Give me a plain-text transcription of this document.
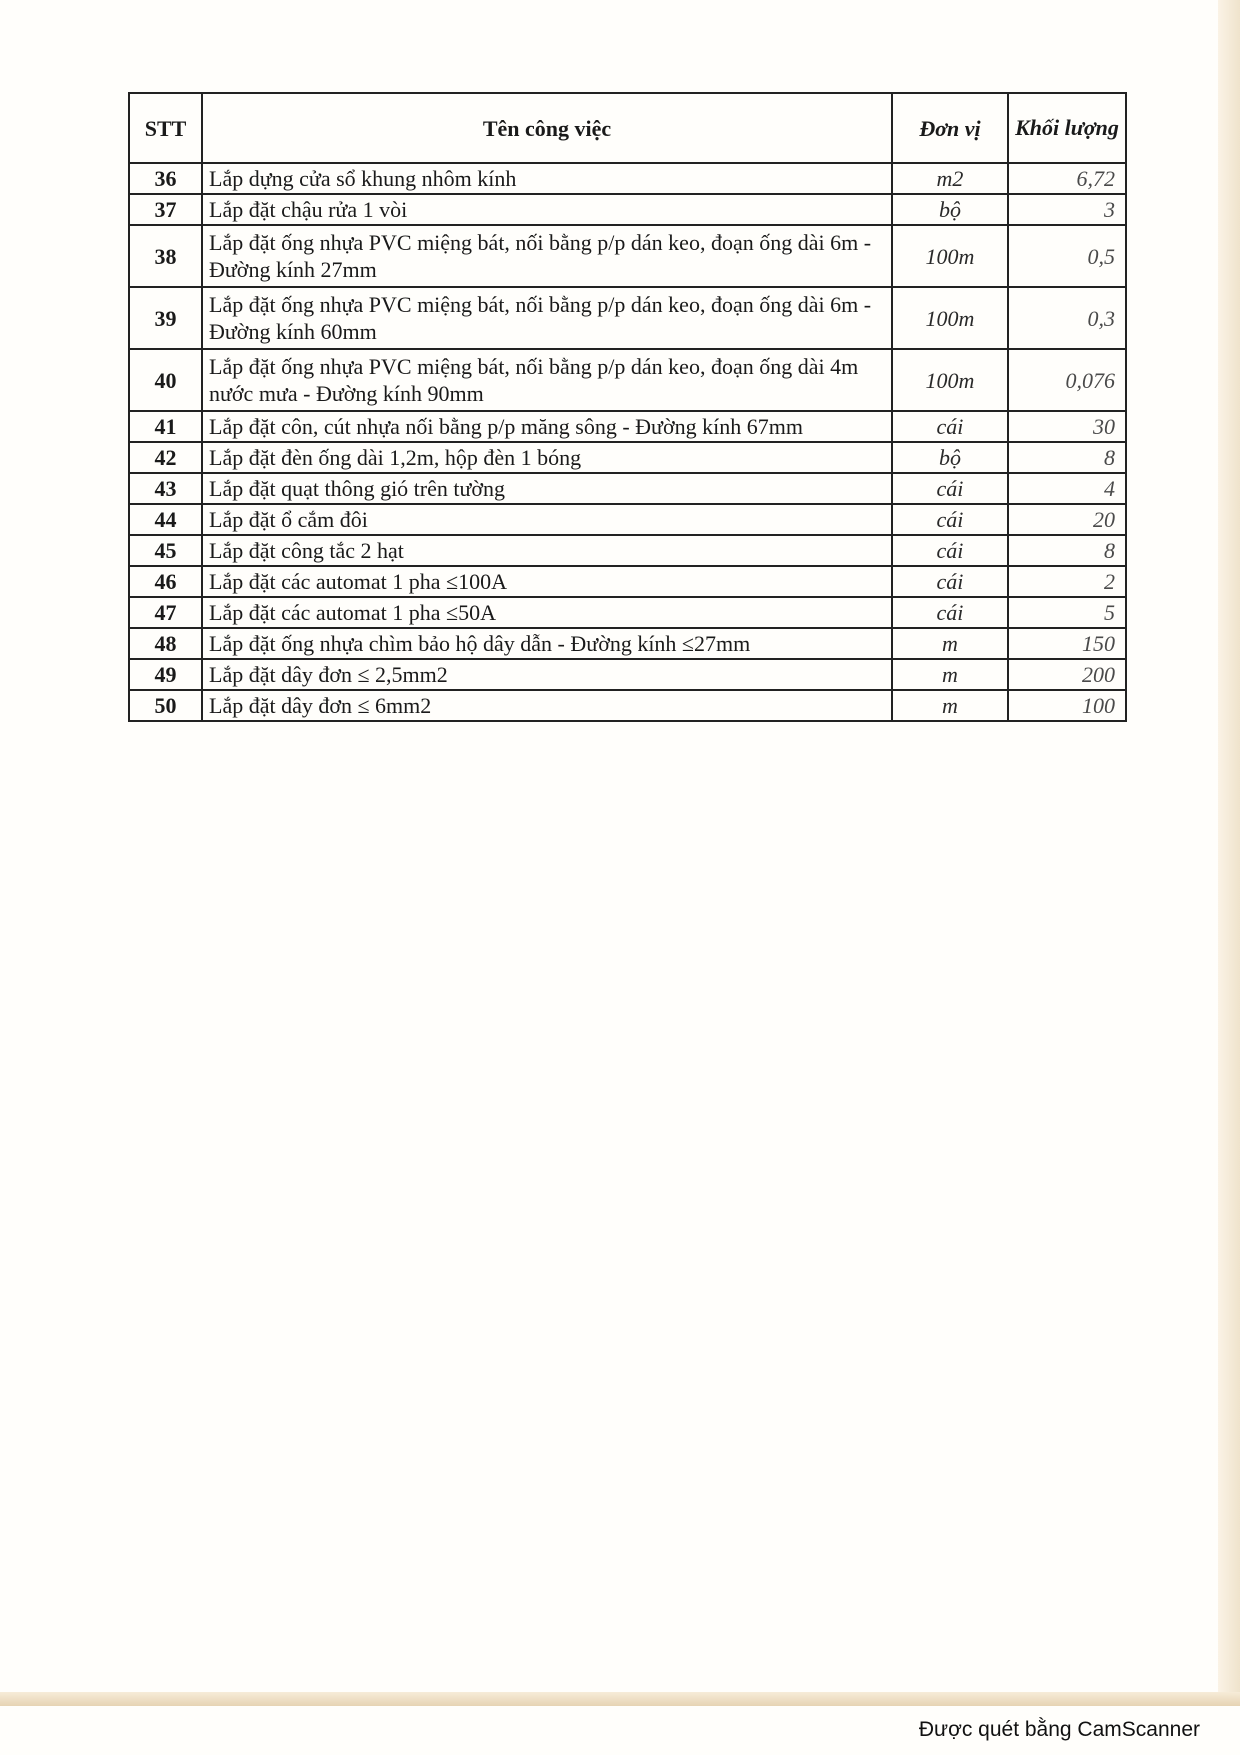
STT	Tên công việc	Đơn vị	Khối lượng
36	Lắp dựng cửa sổ khung nhôm kính	m2	6,72
37	Lắp đặt chậu rửa 1 vòi	bộ	3
38	Lắp đặt ống nhựa PVC miệng bát, nối bằng p/p dán keo, đoạn ống dài 6m - Đường kính 27mm	100m	0,5
39	Lắp đặt ống nhựa PVC miệng bát, nối bằng p/p dán keo, đoạn ống dài 6m - Đường kính 60mm	100m	0,3
40	Lắp đặt ống nhựa PVC miệng bát, nối bằng p/p dán keo, đoạn ống dài 4m nước mưa - Đường kính 90mm	100m	0,076
41	Lắp đặt côn, cút nhựa nối bằng p/p măng sông - Đường kính 67mm	cái	30
42	Lắp đặt đèn ống dài 1,2m, hộp đèn 1 bóng	bộ	8
43	Lắp đặt quạt thông gió trên tường	cái	4
44	Lắp đặt ổ cắm đôi	cái	20
45	Lắp đặt công tắc 2 hạt	cái	8
46	Lắp đặt các automat 1 pha ≤100A	cái	2
47	Lắp đặt các automat 1 pha ≤50A	cái	5
48	Lắp đặt ống nhựa chìm bảo hộ dây dẫn - Đường kính ≤27mm	m	150
49	Lắp đặt dây đơn ≤ 2,5mm2	m	200
50	Lắp đặt dây đơn ≤ 6mm2	m	100
Được quét bằng CamScanner
